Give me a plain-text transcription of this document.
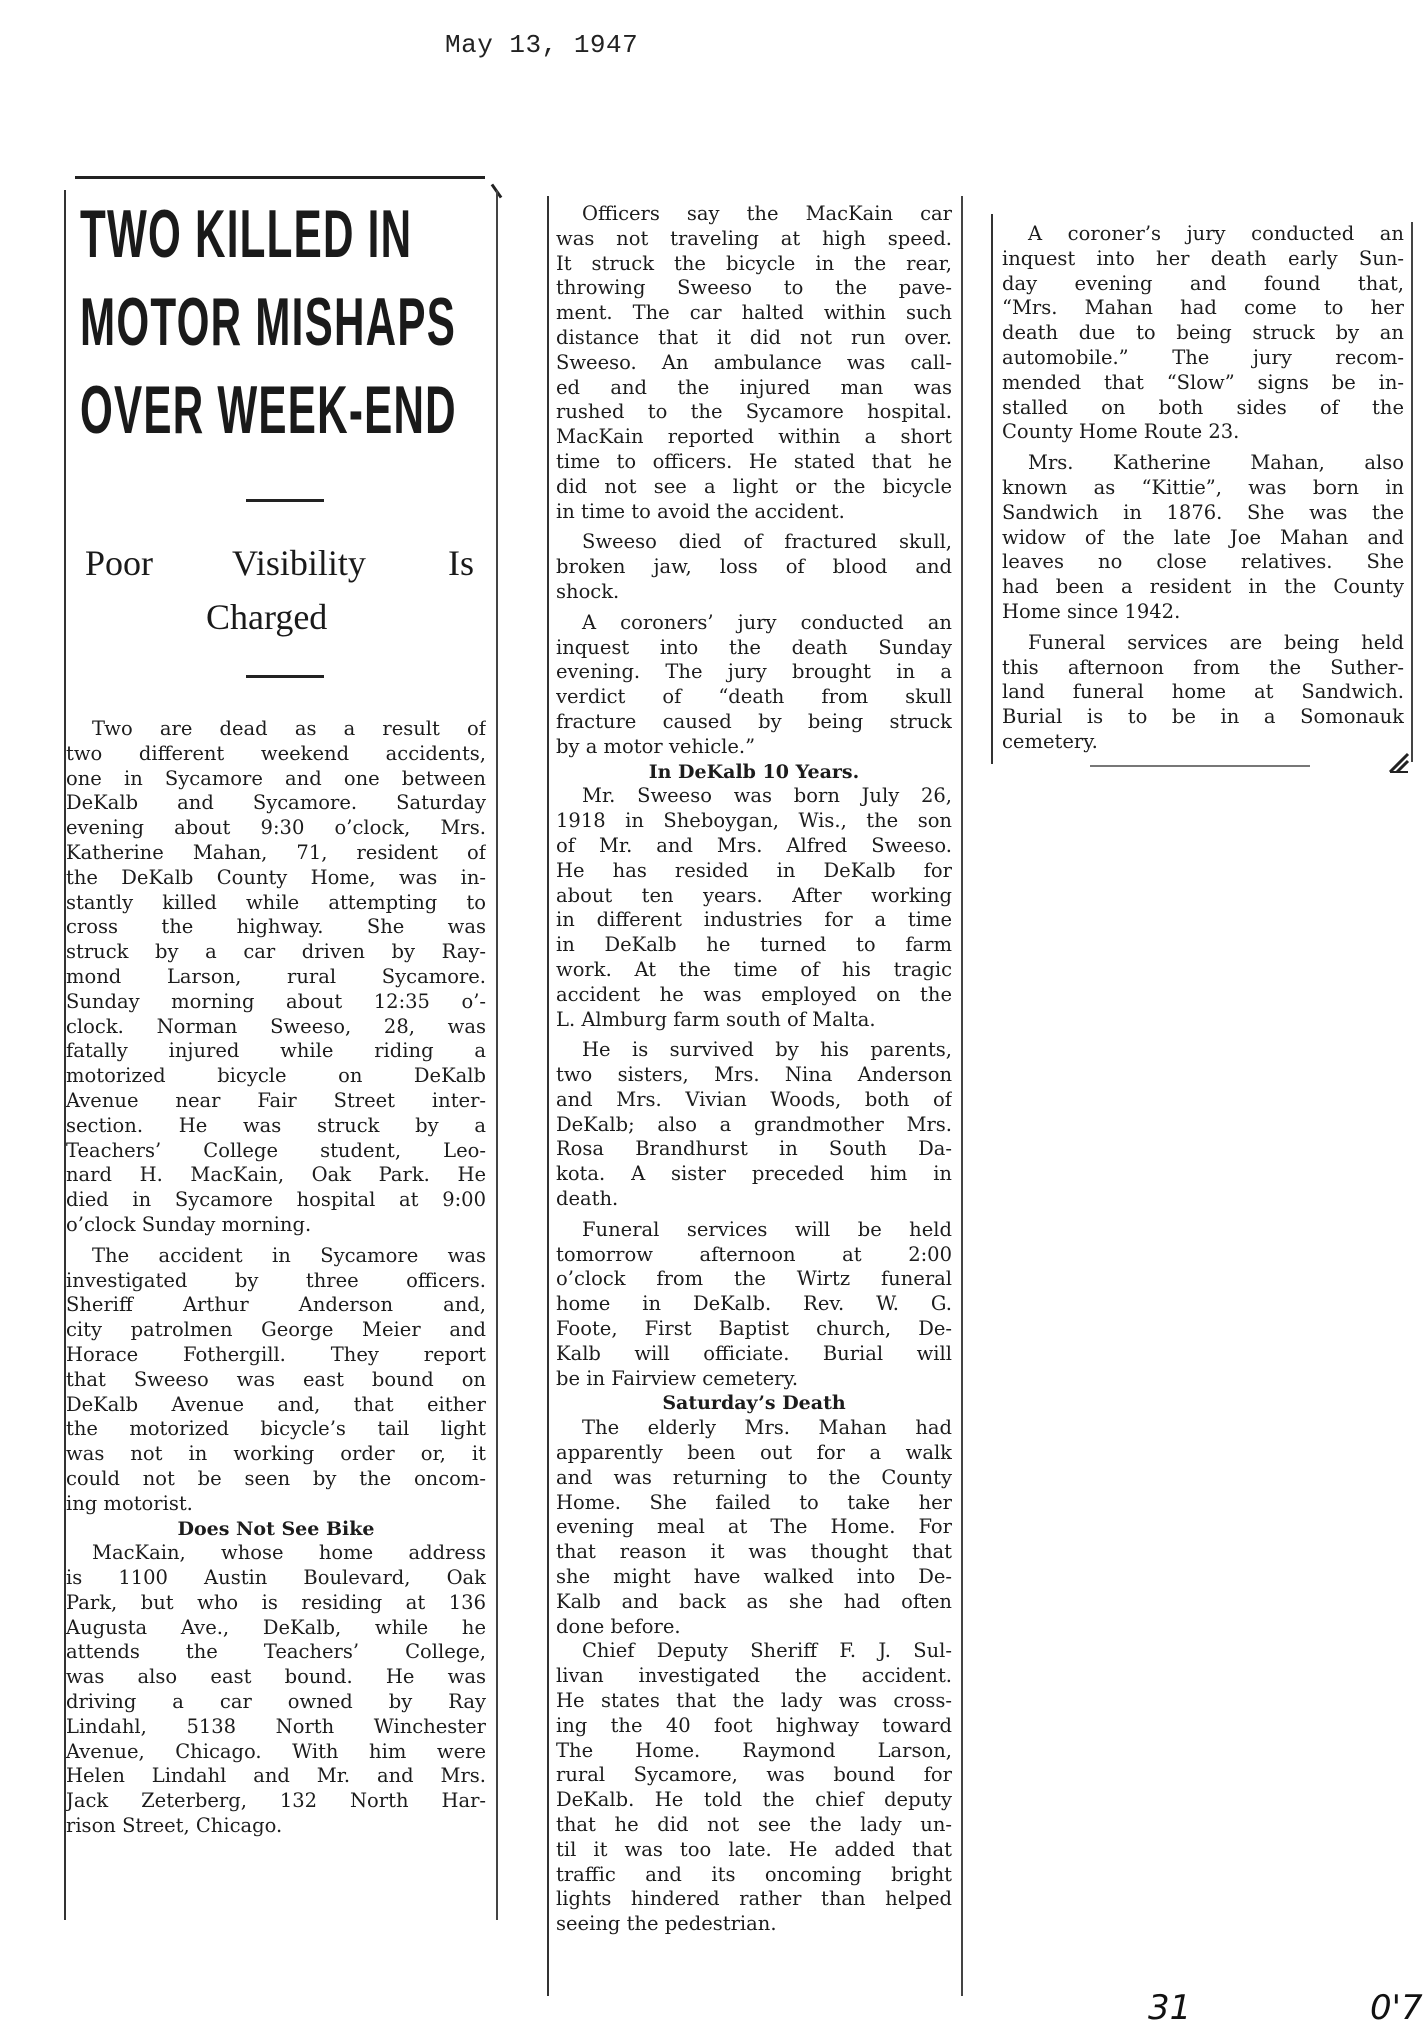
May 13, 1947
TWO KILLED IN
MOTOR MISHAPS
OVER WEEK-END
Poor Visibility Is
Charged
Two are dead as a result of
two different weekend accidents,
one in Sycamore and one between
DeKalb and Sycamore. Saturday
evening about 9:30 o’clock, Mrs.
Katherine Mahan, 71, resident of
the DeKalb County Home, was in-
stantly killed while attempting to
cross the highway. She was
struck by a car driven by Ray-
mond Larson, rural Sycamore.
Sunday morning about 12:35 o’-
clock. Norman Sweeso, 28, was
fatally injured while riding a
motorized bicycle on DeKalb
Avenue near Fair Street inter-
section. He was struck by a
Teachers’ College student, Leo-
nard H. MacKain, Oak Park. He
died in Sycamore hospital at 9:00
o’clock Sunday morning.
The accident in Sycamore was
investigated by three officers.
Sheriff Arthur Anderson and,
city patrolmen George Meier and
Horace Fothergill. They report
that Sweeso was east bound on
DeKalb Avenue and, that either
the motorized bicycle’s tail light
was not in working order or, it
could not be seen by the oncom-
ing motorist.
Does Not See Bike
MacKain, whose home address
is 1100 Austin Boulevard, Oak
Park, but who is residing at 136
Augusta Ave., DeKalb, while he
attends the Teachers’ College,
was also east bound. He was
driving a car owned by Ray
Lindahl, 5138 North Winchester
Avenue, Chicago. With him were
Helen Lindahl and Mr. and Mrs.
Jack Zeterberg, 132 North Har-
rison Street, Chicago.
Officers say the MacKain car
was not traveling at high speed.
It struck the bicycle in the rear,
throwing Sweeso to the pave-
ment. The car halted within such
distance that it did not run over.
Sweeso. An ambulance was call-
ed and the injured man was
rushed to the Sycamore hospital.
MacKain reported within a short
time to officers. He stated that he
did not see a light or the bicycle
in time to avoid the accident.
Sweeso died of fractured skull,
broken jaw, loss of blood and
shock.
A coroners’ jury conducted an
inquest into the death Sunday
evening. The jury brought in a
verdict of “death from skull
fracture caused by being struck
by a motor vehicle.”
In DeKalb 10 Years.
Mr. Sweeso was born July 26,
1918 in Sheboygan, Wis., the son
of Mr. and Mrs. Alfred Sweeso.
He has resided in DeKalb for
about ten years. After working
in different industries for a time
in DeKalb he turned to farm
work. At the time of his tragic
accident he was employed on the
L. Almburg farm south of Malta.
He is survived by his parents,
two sisters, Mrs. Nina Anderson
and Mrs. Vivian Woods, both of
DeKalb; also a grandmother Mrs.
Rosa Brandhurst in South Da-
kota. A sister preceded him in
death.
Funeral services will be held
tomorrow afternoon at 2:00
o’clock from the Wirtz funeral
home in DeKalb. Rev. W. G.
Foote, First Baptist church, De-
Kalb will officiate. Burial will
be in Fairview cemetery.
Saturday’s Death
The elderly Mrs. Mahan had
apparently been out for a walk
and was returning to the County
Home. She failed to take her
evening meal at The Home. For
that reason it was thought that
she might have walked into De-
Kalb and back as she had often
done before.
Chief Deputy Sheriff F. J. Sul-
livan investigated the accident.
He states that the lady was cross-
ing the 40 foot highway toward
The Home. Raymond Larson,
rural Sycamore, was bound for
DeKalb. He told the chief deputy
that he did not see the lady un-
til it was too late. He added that
traffic and its oncoming bright
lights hindered rather than helped
seeing the pedestrian.
A coroner’s jury conducted an
inquest into her death early Sun-
day evening and found that,
“Mrs. Mahan had come to her
death due to being struck by an
automobile.” The jury recom-
mended that “Slow” signs be in-
stalled on both sides of the
County Home Route 23.
Mrs. Katherine Mahan, also
known as “Kittie”, was born in
Sandwich in 1876. She was the
widow of the late Joe Mahan and
leaves no close relatives. She
had been a resident in the County
Home since 1942.
Funeral services are being held
this afternoon from the Suther-
land funeral home at Sandwich.
Burial is to be in a Somonauk
cemetery.
31	0'7
